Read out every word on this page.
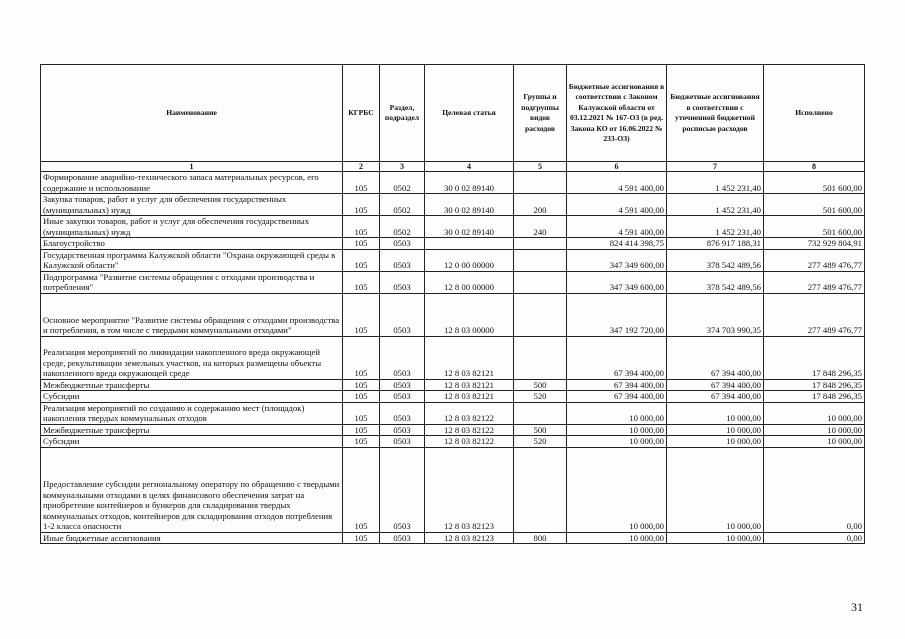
Наименование	КГРБС	Раздел, подраздел	Целевая статья	Группы и подгруппы видов расходов	Бюджетные ассигнования в соответствии с Законом Калужской области от 03.12.2021 № 167-ОЗ (в ред. Закона КО от 16.06.2022 № 233-ОЗ)	Бюджетные ассигнования в соответствии с уточненной бюджетной росписью расходов	Исполнено
1	2	3	4	5	6	7	8
Формирование аварийно-технического запаса материальных ресурсов, его содержание и использование	105	0502	30 0 02 89140		4 591 400,00	1 452 231,40	501 600,00
Закупка товаров, работ и услуг для обеспечения государственных (муниципальных) нужд	105	0502	30 0 02 89140	200	4 591 400,00	1 452 231,40	501 600,00
Иные закупки товаров, работ и услуг для обеспечения государственных (муниципальных) нужд	105	0502	30 0 02 89140	240	4 591 400,00	1 452 231,40	501 600,00
Благоустройство	105	0503			824 414 398,75	876 917 188,31	732 929 804,91
Государственная программа Калужской области "Охрана окружающей среды в Калужской области"	105	0503	12 0 00 00000		347 349 600,00	378 542 489,56	277 489 476,77
Подпрограмма "Развитие системы обращения с отходами производства и потребления"	105	0503	12 8 00 00000		347 349 600,00	378 542 489,56	277 489 476,77
Основное мероприятие "Развитие системы обращения с отходами производства и потребления, в том числе с твердыми коммунальными отходами"	105	0503	12 8 03 00000		347 192 720,00	374 703 990,35	277 489 476,77
Реализация мероприятий по ликвидации накопленного вреда окружающей среде, рекультивации земельных участков, на которых размещены объекты накопленного вреда окружающей среде	105	0503	12 8 03 82121		67 394 400,00	67 394 400,00	17 848 296,35
Межбюджетные трансферты	105	0503	12 8 03 82121	500	67 394 400,00	67 394 400,00	17 848 296,35
Субсидии	105	0503	12 8 03 82121	520	67 394 400,00	67 394 400,00	17 848 296,35
Реализация мероприятий по созданию и содержанию мест (площадок) накопления твердых коммунальных отходов	105	0503	12 8 03 82122		10 000,00	10 000,00	10 000,00
Межбюджетные трансферты	105	0503	12 8 03 82122	500	10 000,00	10 000,00	10 000,00
Субсидии	105	0503	12 8 03 82122	520	10 000,00	10 000,00	10 000,00
Предоставление субсидии региональному оператору по обращению с твердыми коммунальными отходами в целях финансового обеспечения затрат на приобретение контейнеров и бункеров для складирования твердых коммунальных отходов, контейнеров для складирования отходов потребления 1-2 класса опасности	105	0503	12 8 03 82123		10 000,00	10 000,00	0,00
Иные бюджетные ассигнования	105	0503	12 8 03 82123	800	10 000,00	10 000,00	0,00
31
